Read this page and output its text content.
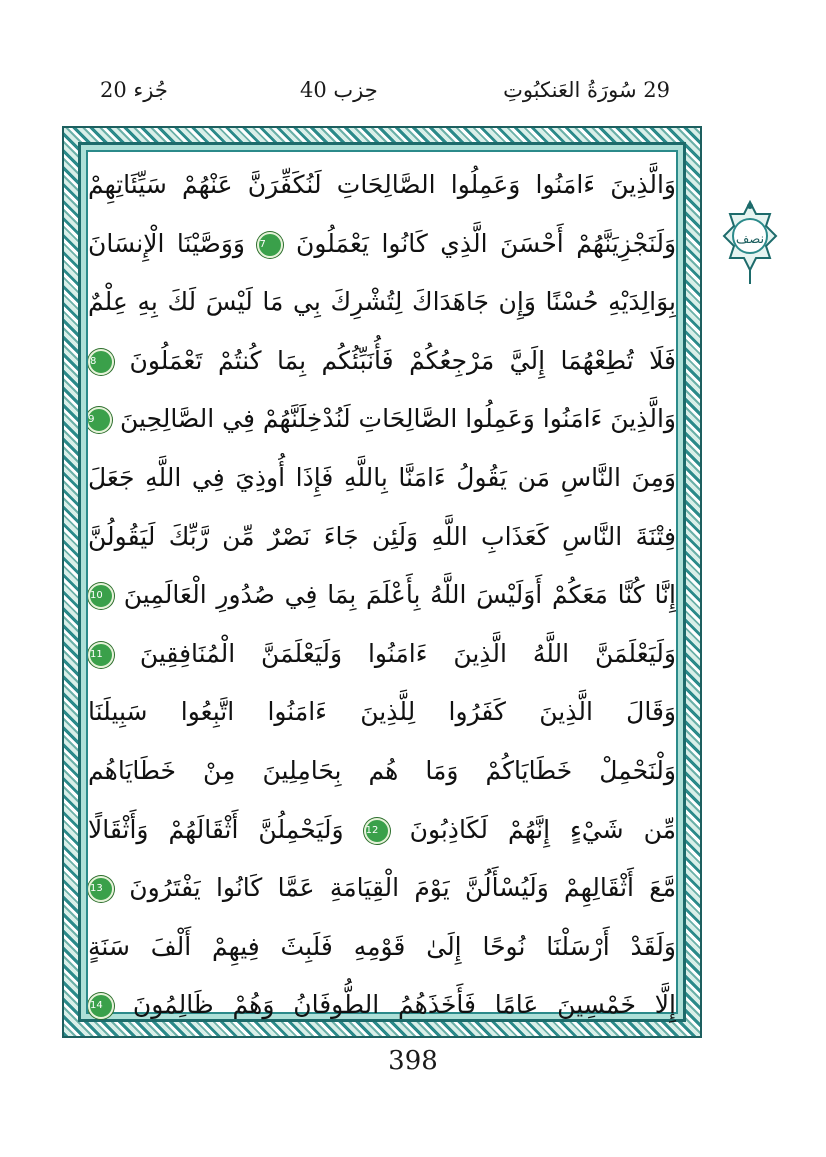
جُزء 20	حِزب 40	29 سُورَةُ العَنكبُوتِ
نصف
وَالَّذِينَ ءَامَنُوا وَعَمِلُوا الصَّالِحَاتِ لَنُكَفِّرَنَّ عَنْهُمْ سَيِّئَاتِهِمْ
وَلَنَجْزِيَنَّهُمْ أَحْسَنَ الَّذِي كَانُوا يَعْمَلُونَ 7 وَوَصَّيْنَا الْإِنسَانَ
بِوَالِدَيْهِ حُسْنًا وَإِن جَاهَدَاكَ لِتُشْرِكَ بِي مَا لَيْسَ لَكَ بِهِ عِلْمٌ
فَلَا تُطِعْهُمَا إِلَيَّ مَرْجِعُكُمْ فَأُنَبِّئُكُم بِمَا كُنتُمْ تَعْمَلُونَ 8
وَالَّذِينَ ءَامَنُوا وَعَمِلُوا الصَّالِحَاتِ لَنُدْخِلَنَّهُمْ فِي الصَّالِحِينَ 9
وَمِنَ النَّاسِ مَن يَقُولُ ءَامَنَّا بِاللَّهِ فَإِذَا أُوذِيَ فِي اللَّهِ جَعَلَ
فِتْنَةَ النَّاسِ كَعَذَابِ اللَّهِ وَلَئِن جَاءَ نَصْرٌ مِّن رَّبِّكَ لَيَقُولُنَّ
إِنَّا كُنَّا مَعَكُمْ أَوَلَيْسَ اللَّهُ بِأَعْلَمَ بِمَا فِي صُدُورِ الْعَالَمِينَ 10
وَلَيَعْلَمَنَّ اللَّهُ الَّذِينَ ءَامَنُوا وَلَيَعْلَمَنَّ الْمُنَافِقِينَ 11
وَقَالَ الَّذِينَ كَفَرُوا لِلَّذِينَ ءَامَنُوا اتَّبِعُوا سَبِيلَنَا
وَلْنَحْمِلْ خَطَايَاكُمْ وَمَا هُم بِحَامِلِينَ مِنْ خَطَايَاهُم
مِّن شَيْءٍ إِنَّهُمْ لَكَاذِبُونَ 12 وَلَيَحْمِلُنَّ أَثْقَالَهُمْ وَأَثْقَالًا
مَّعَ أَثْقَالِهِمْ وَلَيُسْأَلُنَّ يَوْمَ الْقِيَامَةِ عَمَّا كَانُوا يَفْتَرُونَ 13
وَلَقَدْ أَرْسَلْنَا نُوحًا إِلَىٰ قَوْمِهِ فَلَبِثَ فِيهِمْ أَلْفَ سَنَةٍ
إِلَّا خَمْسِينَ عَامًا فَأَخَذَهُمُ الطُّوفَانُ وَهُمْ ظَالِمُونَ 14
398
